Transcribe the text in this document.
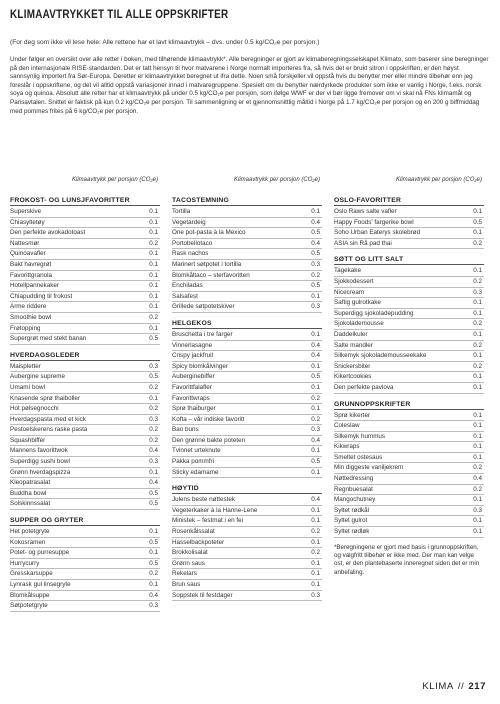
KLIMAAVTRYKKET TIL ALLE OPPSKRIFTER
(For deg som ikke vil lese hele: Alle rettene har et lavt klimaavtrykk – dvs. under 0.5 kg/CO₂e per porsjon.)
Under følger en oversikt over alle retter i boken, med tilhørende klimaavtrykk*. Alle beregninger er gjort av klimaberegningsselskapet Klimato, som baserer sine beregninger på den internasjonale RISE-standarden. Det er tatt hensyn til hvor matvarene i Norge normalt importeres fra, så hvis det er brukt sitron i oppskriften, er den høyst sannsynlig importert fra Sør-Europa. Deretter er klimaavtrykket beregnet ut ifra dette. Noen små forskjeller vil oppstå hvis du benytter mer eller mindre tilbehør enn jeg foreslår i oppskriftene, og det vil alltid oppstå variasjoner innad i matvaregruppene. Spesielt om du benytter nærdyrkede produkter som ikke er vanlig i Norge, f.eks. norsk soya og quinoa. Absolutt alle retter har et klimaavtrykk på under 0.5 kg/CO₂e per porsjon, som ifølge WWF er der vi bør ligge fremover om vi skal nå FNs klimamål og Parisavtalen. Snittet er faktisk på kun 0.2 kg/CO₂e per porsjon. Til sammenligning er et gjennomsnittlig måltid i Norge på 1.7 kg/CO₂e per porsjon og en 200 g biffmiddag med pommes frites på 6 kg/CO₂e per porsjon.
Klimaavtrykk per porsjon (CO₂e)
FROKOST- OG LUNSJFAVORITTER
Superskive	0.1
Chiasyltetøy	0.1
Den perfekte avokadotoast	0.1
Nattesmør	0.2
Quinoavafler	0.1
Bakt havregrøt	0.1
Favorittgranola	0.1
Hotellpannekaker	0.1
Chiapudding til frokost	0.1
Arme riddere	0.1
Smoothie bowl	0.2
Frøtopping	0.1
Supergrøt med stekt banan	0.5
HVERDAGSGLEDER
Maispletter	0.3
Aubergine supreme	0.5
Umamí bowl	0.2
Knasende sprø thaiboller	0.1
Hot pølsegnocchi	0.2
Hverdagspasta med et kick	0.3
Pestoelskerens raske pasta	0.2
Squashbiffer	0.2
Mannens favorittwok	0.4
Superdigg sushi bowl	0.3
Grønn hverdagspizza	0.1
Kleopatrasalat	0.4
Buddha bowl	0.5
Solskinnssalat	0.5
SUPPER OG GRYTER
Het potetgryte	0.1
Kokosramen	0.5
Potet- og purresuppe	0.1
Hurrycurry	0.5
Gresskarsuppe	0.2
Lynrask gul linsegryte	0.1
Blomkålsuppe	0.4
Søtpotetgryte	0.3
Klimaavtrykk per porsjon (CO₂e)
TACOSTEMNING
Tortilla	0.1
Vegetardeig	0.4
One pot-pasta à la Mexico	0.5
Portobellotaco	0.4
Rask nachos	0.5
Marinert søtpotet i tortilla	0.3
Blomkåltaco – sterfavoritten	0.2
Enchiladas	0.5
Salsafest	0.1
Grillede søtpotetskiver	0.3
HELGEKOS
Bruschetta i tre farger	0.1
Vinnerlasagne	0.4
Crispy jackfruit	0.4
Spicy blomkålvinger	0.1
Auberginebiffer	0.5
Favorittfalafler	0.1
Favorittwraps	0.2
Sprø thaiburger	0.1
Kofta – vår indiske favoritt	0.2
Bao buns	0.3
Den grønne bakte poteten	0.4
Tvinnet urteknute	0.1
Pakka pommfri	0.5
Sticky edamame	0.1
HØYTID
Julens beste nøttestek	0.4
Vegeterkaker à la Hanne-Lene	0.1
Ministek – festmat i en fei	0.1
Rosenkålssalat	0.2
Hasselbackpoteter	0.1
Brokkolisalat	0.2
Grønn saus	0.1
Rekelars	0.1
Brun saus	0.1
Soppstek til festdager	0.3
Klimaavtrykk per porsjon (CO₂e)
OSLO-FAVORITTER
Oslo Raws salte vafler	0.1
Happy Foods' fargerike bowl	0.5
Soho Urban Eaterys skolebrød	0.1
ASIA sin Rå pad thai	0.2
SØTT OG LITT SALT
Tagekake	0.1
Sjokkodessert	0.2
Nicecream	0.3
Saftig gulrotkake	0.1
Superdigg sjokoladepudding	0.1
Sjokolademousse	0.2
Daddelkuler	0.1
Salte mandler	0.2
Silkemyk sjokolademousseekake	0.1
Snickersbiter	0.2
Kikertcookies	0.1
Den perfekte pavlova	0.1
GRUNNOPPSKRIFTER
Sprø kikerter	0.1
Coleslaw	0.1
Silkemyk hummus	0.1
Kikwraps	0.1
Smeltet ostesaus	0.1
Min diggeste vaniljekrem	0.2
Nøttedressing	0.4
Regnbuesalat	0.2
Mangochutney	0.1
Syltet rødkål	0.3
Syltet gulrot	0.1
Syltet rødløk	0.1
*Beregningene er gjort med basis i grunnoppskriften, og valgfritt tilbehør er ikke med. Der man kan velge ost, er den plantebaserte inneregnet siden det er min anbefaling.
KLIMA // 217
